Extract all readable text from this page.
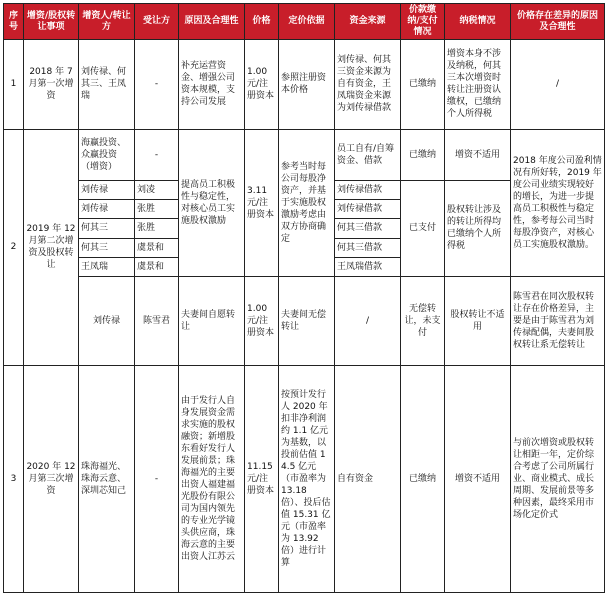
序号	增资/股权转让事项	增资人/转让方	受让方	原因及合理性	价格	定价依据	资金来源	价款缴纳/支付情况	纳税情况	价格存在差异的原因及合理性
1	2018 年 7 月第一次增资	刘传禄、何其三、王凤瑞	-	补充运营资金、增强公司资本规模，支持公司发展	1.00 元/注册资本	参照注册资本价格	刘传禄、何其三资金来源为自有资金，王凤瑞资金来源为刘传禄借款	已缴纳	增资本身不涉及纳税，何其三本次增资时转让注册资认缴权，已缴纳个人所得税	/
2	2019 年 12 月第二次增资及股权转让	海赢投资、众赢投资（增资）	-	提高员工积极性与稳定性，对核心员工实施股权激励	3.11 元/注册资本	参考当时每公司每股净资产，并基于实施股权激励考虑由双方协商确定	员工自有/自筹资金、借款	已缴纳	增资不适用	2018 年度公司盈利情况有所好转，2019 年度公司业绩实现较好的增长，为进一步提高员工积极性与稳定性，参考每公司当时每股净资产，对核心员工实施股权激励。
		刘传禄	刘凌				刘传禄借款	已支付	股权转让涉及的转让所得均已缴纳个人所得税	
		刘传禄	张胜				刘传禄借款			
		何其三	张胜				何其三借款			
		何其三	虞景和				何其三借款			
		王凤瑞	虞景和				王凤瑞借款			
		刘传禄	陈雪君	夫妻间自愿转让	1.00 元/注册资本	夫妻间无偿转让	/	无偿转让，未支付	股权转让不适用	陈雪君在同次股权转让存在价格差异，主要是由于陈雪君为刘传禄配偶，夫妻间股权转让系无偿转让
3	2020 年 12 月第三次增资	珠海福光、珠海云意、深圳芯知己	-	由于发行人自身发展资金需求实施的股权融资；新增股东看好发行人发展前景；珠海福光的主要出资人福建福光股份有限公司为国内领先的专业光学镜头供应商，珠海云意的主要出资人江苏云	11.15 元/注册资本	按预计发行人 2020 年扣非净利润约 1.1 亿元为基数，以投前估值 14.5 亿元（市盈率为 13.18 倍）、投后估值 15.31 亿元（市盈率为 13.92 倍）进行计算	自有资金	已缴纳	增资不适用	与前次增资或股权转让相距一年，定价综合考虑了公司所属行业、商业模式、成长周期、发展前景等多种因素，最终采用市场化定价式
